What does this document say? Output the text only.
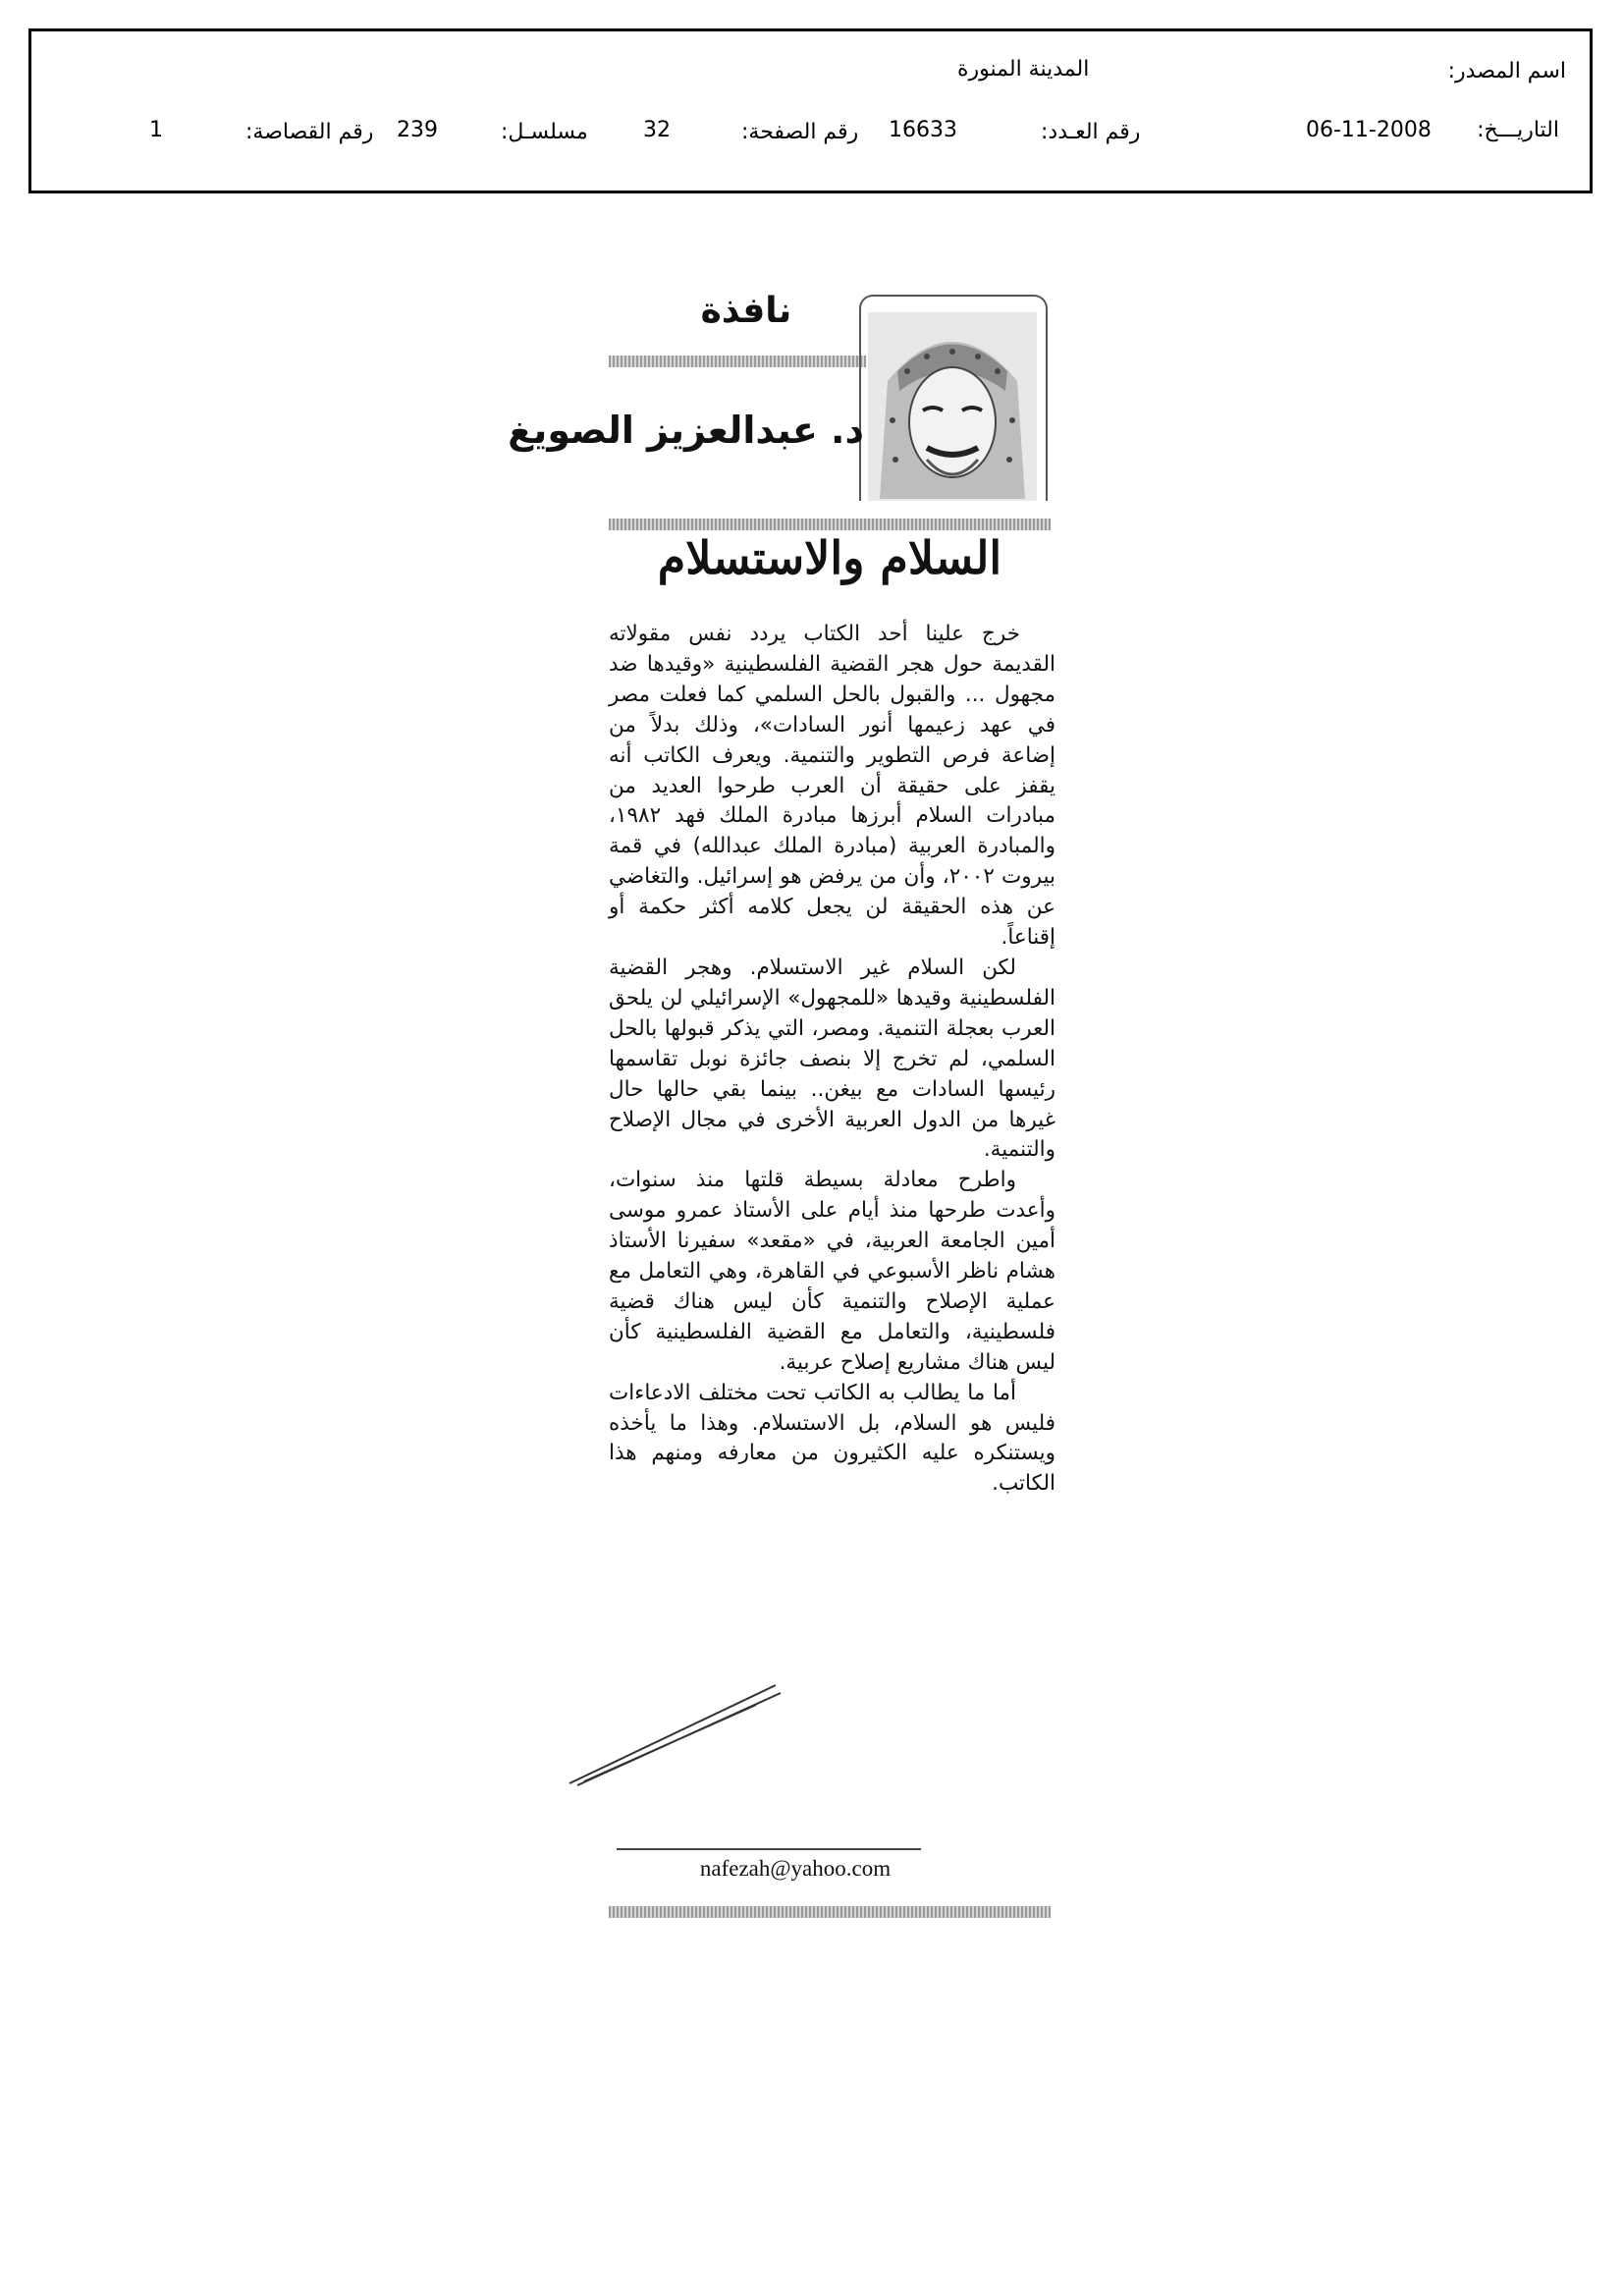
اسم المصدر:
المدينة المنورة
التاريـــخ:
06-11-2008
رقم العـدد:
16633
رقم الصفحة:
32
مسلسـل:
239
رقم القصاصة:
1
نافذة
د. عبدالعزيز الصويغ
السلام والاستسلام

خرج علينا أحد الكتاب يردد نفس مقولاته القديمة حول هجر القضية الفلسطينية «وقيدها ضد مجهول ... والقبول بالحل السلمي كما فعلت مصر في عهد زعيمها أنور السادات»، وذلك بدلاً من إضاعة فرص التطوير والتنمية. ويعرف الكاتب أنه يقفز على حقيقة أن العرب طرحوا العديد من مبادرات السلام أبرزها مبادرة الملك فهد ١٩٨٢، والمبادرة العربية (مبادرة الملك عبدالله) في قمة بيروت ٢٠٠٢، وأن من يرفض هو إسرائيل. والتغاضي عن هذه الحقيقة لن يجعل كلامه أكثر حكمة أو إقناعاً.

لكن السلام غير الاستسلام. وهجر القضية الفلسطينية وقيدها «للمجهول» الإسرائيلي لن يلحق العرب بعجلة التنمية. ومصر، التي يذكر قبولها بالحل السلمي، لم تخرج إلا بنصف جائزة نوبل تقاسمها رئيسها السادات مع بيغن.. بينما بقي حالها حال غيرها من الدول العربية الأخرى في مجال الإصلاح والتنمية.

واطرح معادلة بسيطة قلتها منذ سنوات، وأعدت طرحها منذ أيام على الأستاذ عمرو موسى أمين الجامعة العربية، في «مقعد» سفيرنا الأستاذ هشام ناظر الأسبوعي في القاهرة، وهي التعامل مع عملية الإصلاح والتنمية كأن ليس هناك قضية فلسطينية، والتعامل مع القضية الفلسطينية كأن ليس هناك مشاريع إصلاح عربية.

أما ما يطالب به الكاتب تحت مختلف الادعاءات فليس هو السلام، بل الاستسلام. وهذا ما يأخذه ويستنكره عليه الكثيرون من معارفه ومنهم هذا الكاتب.

nafezah@yahoo.com
